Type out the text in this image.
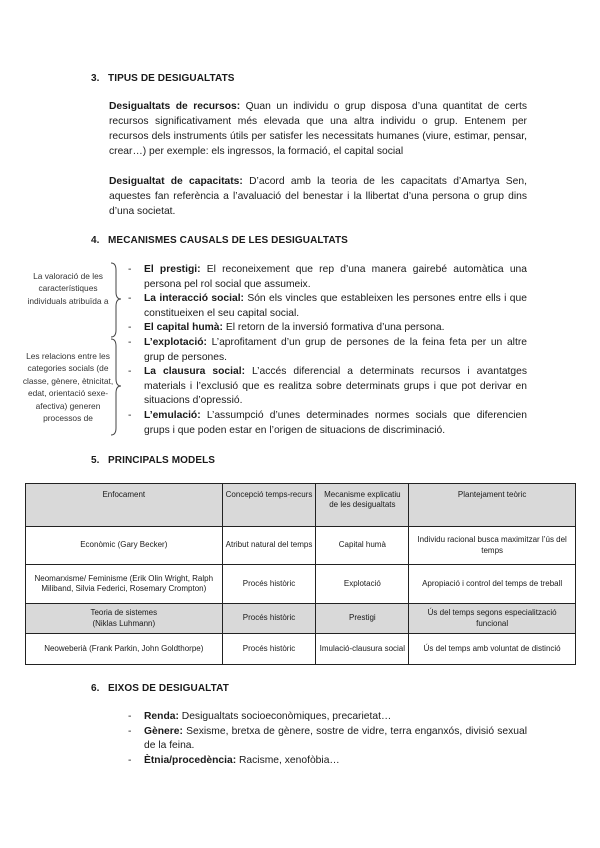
3. TIPUS DE DESIGUALTATS

Desigualtats de recursos: Quan un individu o grup disposa d’una quantitat de certs recursos significativament més elevada que una altra individu o grup. Entenem per recursos dels instruments útils per satisfer les necessitats humanes (viure, estimar, pensar, crear…) per exemple: els ingressos, la formació, el capital social

Desigualtat de capacitats: D’acord amb la teoria de les capacitats d’Amartya Sen, aquestes fan referència a l’avaluació del benestar i la llibertat d’una persona o grup dins d’una societat.

4. MECANISMES CAUSALS DE LES DESIGUALTATS
La valoració de les característiques individuals atribuïda a
Les relacions entre les categories socials (de classe, gènere, ètnicitat, edat, orientació sexe-afectiva) generen processos de
- El prestigi: El reconeixement que rep d’una manera gairebé automàtica una persona pel rol social que assumeix.
- La interacció social: Són els vincles que estableixen les persones entre ells i que constitueixen el seu capital social.
- El capital humà: El retorn de la inversió formativa d’una persona.
- L’explotació: L’aprofitament d’un grup de persones de la feina feta per un altre grup de persones.
- La clausura social: L’accés diferencial a determinats recursos i avantatges materials i l’exclusió que es realitza sobre determinats grups i que pot derivar en situacions d’opressió.
- L’emulació: L’assumpció d’unes determinades normes socials que diferencien grups i que poden estar en l’origen de situacions de discriminació.
5. PRINCIPALS MODELS
Enfocament	Concepció temps-recurs	Mecanisme explicatiu de les desigualtats	Plantejament teòric
Econòmic (Gary Becker)	Atribut natural del temps	Capital humà	Individu racional busca maximitzar l’ús del temps
Neomarxisme/ Feminisme (Erik Olin Wright, Ralph Miliband, Silvia Federici, Rosemary Crompton)	Procés històric	Explotació	Apropiació i control del temps de treball
Teoria de sistemes
(Niklas Luhmann)	Procés històric	Prestigi	Ús del temps segons especialització funcional
Neoweberià (Frank Parkin, John Goldthorpe)	Procés històric	Imulació-clausura social	Ús del temps amb voluntat de distinció
6. EIXOS DE DESIGUALTAT
- Renda: Desigualtats socioeconòmiques, precarietat…
- Gènere: Sexisme, bretxa de gènere, sostre de vidre, terra enganxós, divisió sexual de la feina.
- Ètnia/procedència: Racisme, xenofòbia…
